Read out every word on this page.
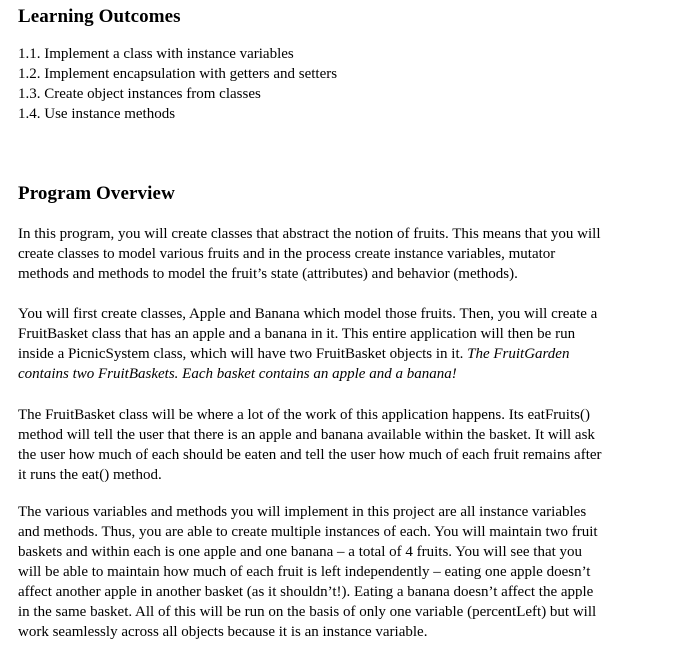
Learning Outcomes
1.1. Implement a class with instance variables
1.2. Implement encapsulation with getters and setters
1.3. Create object instances from classes
1.4. Use instance methods
Program Overview

In this program, you will create classes that abstract the notion of fruits. This means that you will
create classes to model various fruits and in the process create instance variables, mutator
methods and methods to model the fruit’s state (attributes) and behavior (methods).

You will first create classes, Apple and Banana which model those fruits. Then, you will create a
FruitBasket class that has an apple and a banana in it. This entire application will then be run
inside a PicnicSystem class, which will have two FruitBasket objects in it. The FruitGarden
contains two FruitBaskets. Each basket contains an apple and a banana!

The FruitBasket class will be where a lot of the work of this application happens. Its eatFruits()
method will tell the user that there is an apple and banana available within the basket. It will ask
the user how much of each should be eaten and tell the user how much of each fruit remains after
it runs the eat() method.

The various variables and methods you will implement in this project are all instance variables
and methods. Thus, you are able to create multiple instances of each. You will maintain two fruit
baskets and within each is one apple and one banana – a total of 4 fruits. You will see that you
will be able to maintain how much of each fruit is left independently – eating one apple doesn’t
affect another apple in another basket (as it shouldn’t!). Eating a banana doesn’t affect the apple
in the same basket. All of this will be run on the basis of only one variable (percentLeft) but will
work seamlessly across all objects because it is an instance variable.
